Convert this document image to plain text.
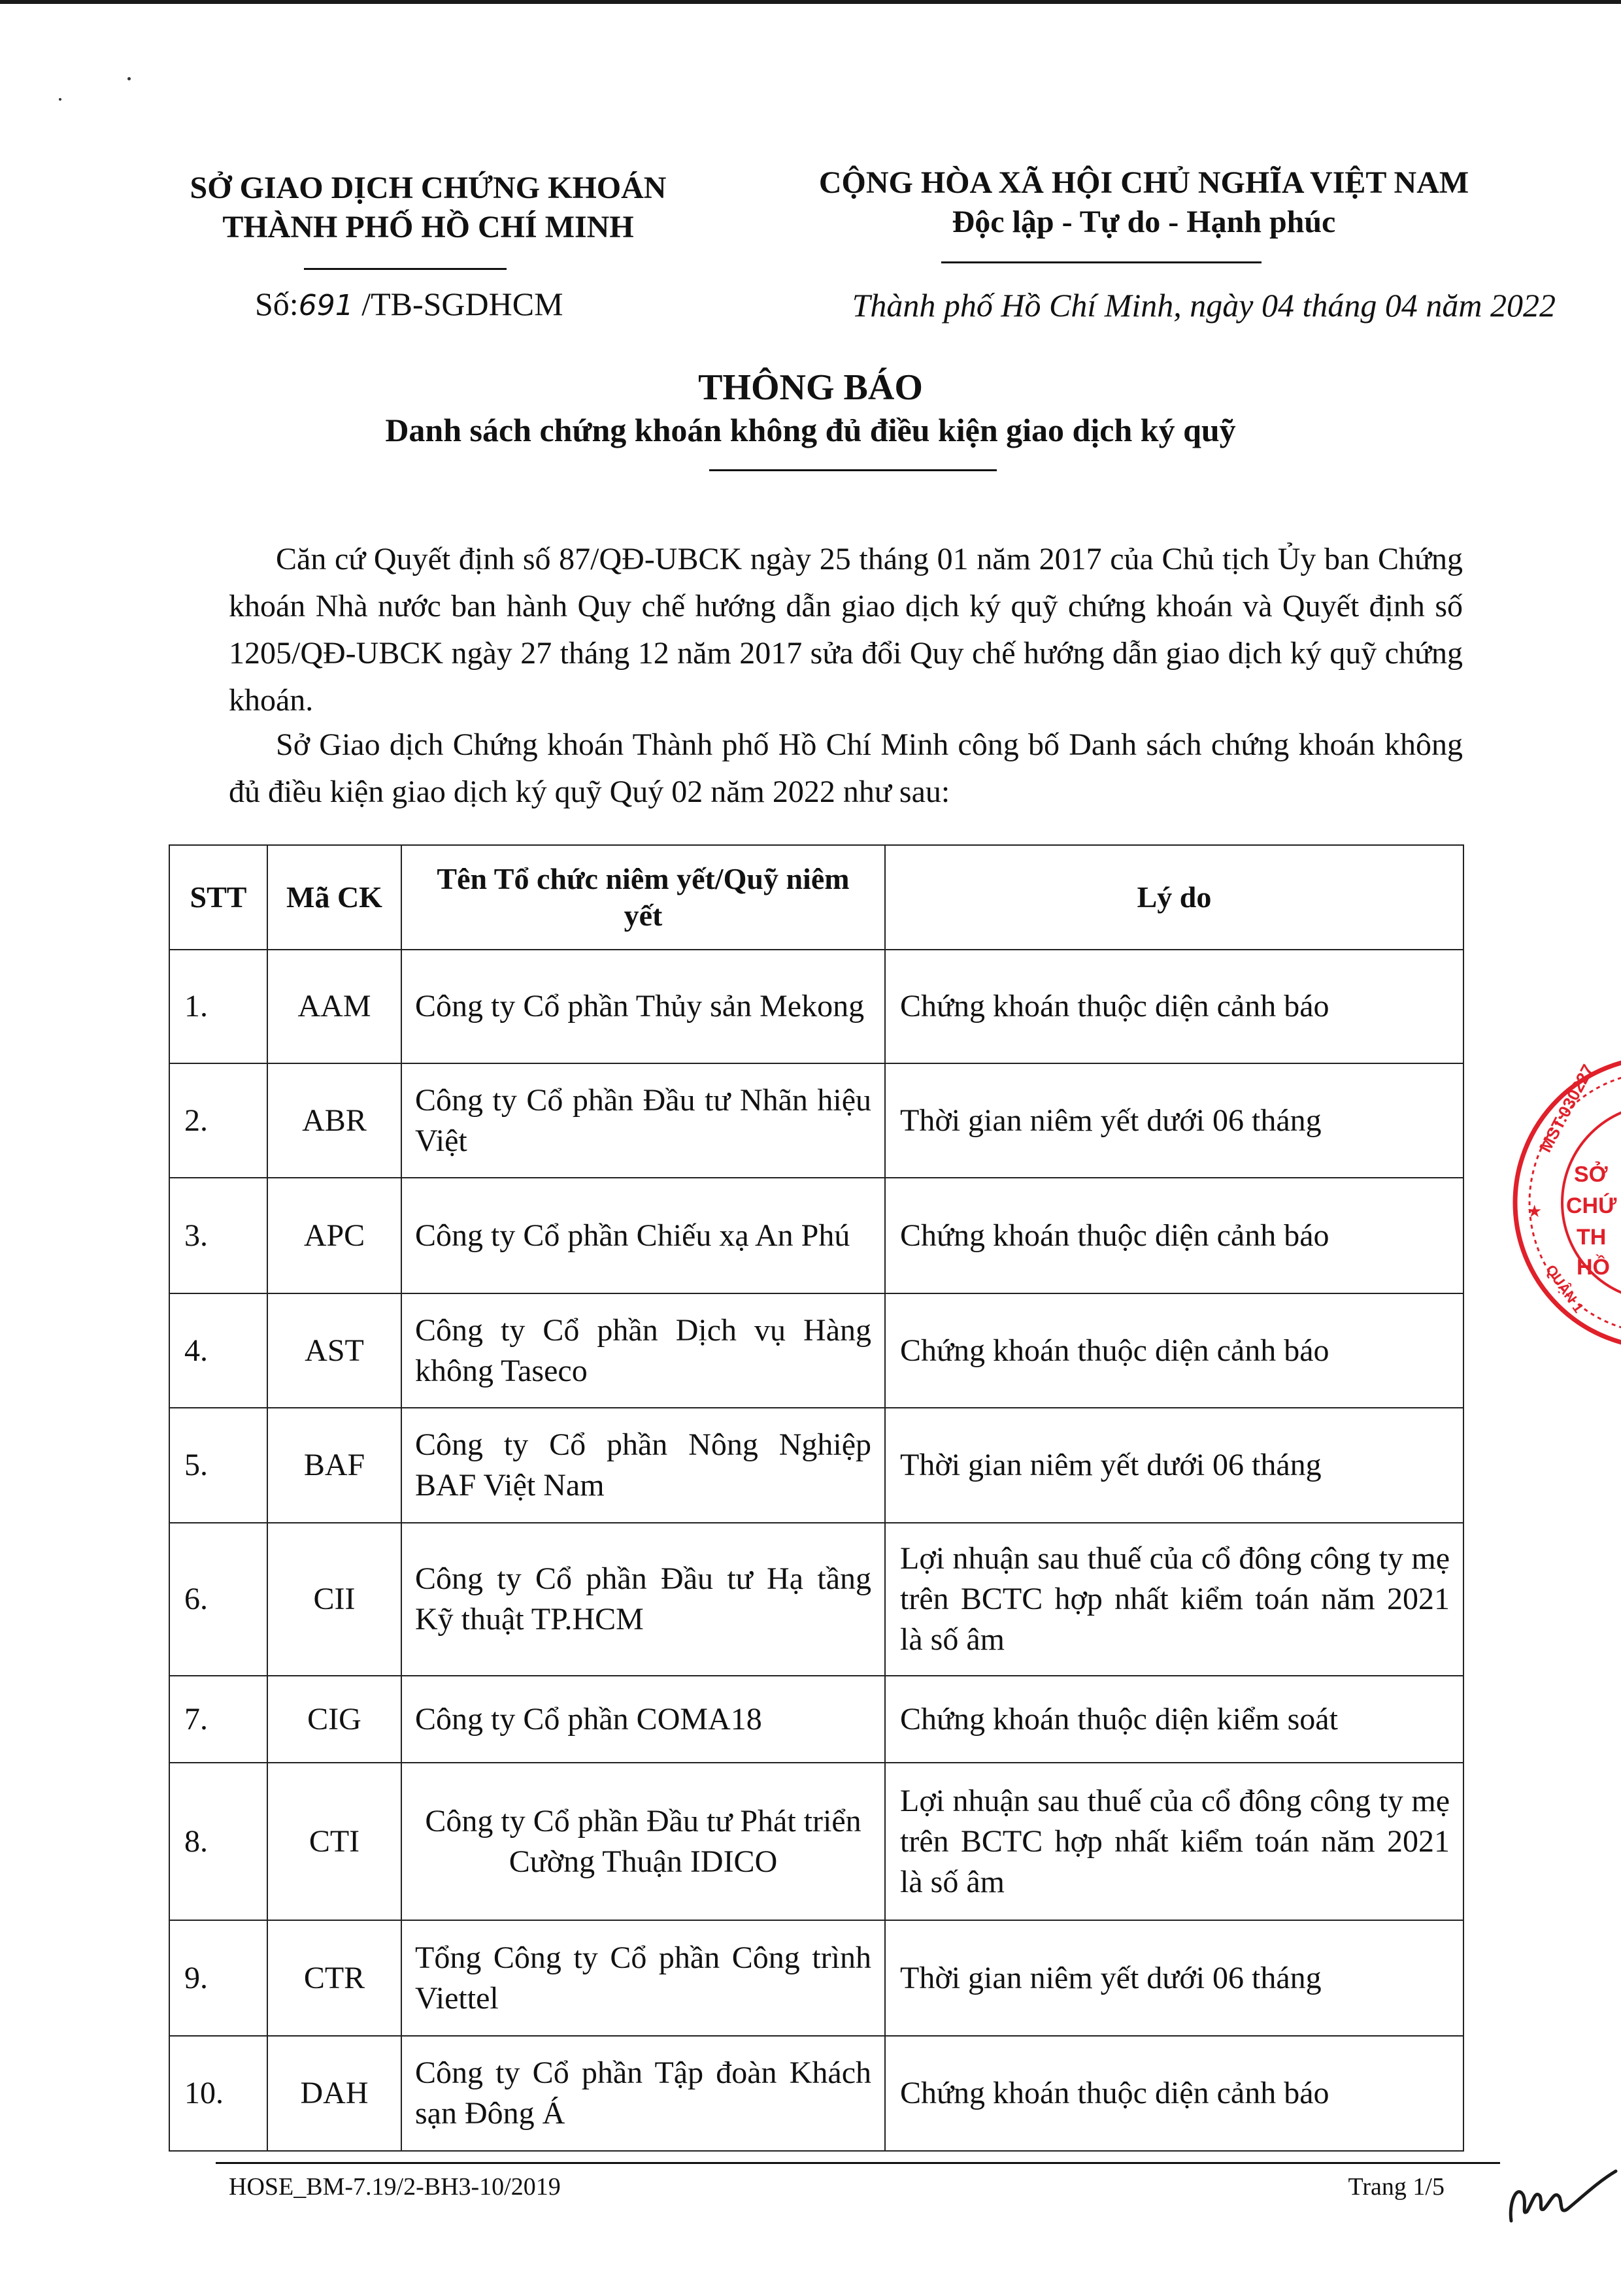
SỞ GIAO DỊCH CHỨNG KHOÁN
THÀNH PHỐ HỒ CHÍ MINH
CỘNG HÒA XÃ HỘI CHỦ NGHĨA VIỆT NAM
Độc lập - Tự do - Hạnh phúc
Số:691 /TB-SGDHCM	Thành phố Hồ Chí Minh, ngày 04 tháng 04 năm 2022
THÔNG BÁO
Danh sách chứng khoán không đủ điều kiện giao dịch ký quỹ

Căn cứ Quyết định số 87/QĐ-UBCK ngày 25 tháng 01 năm 2017 của Chủ tịch Ủy ban Chứng khoán Nhà nước ban hành Quy chế hướng dẫn giao dịch ký quỹ chứng khoán và Quyết định số 1205/QĐ-UBCK ngày 27 tháng 12 năm 2017 sửa đổi Quy chế hướng dẫn giao dịch ký quỹ chứng khoán.

Sở Giao dịch Chứng khoán Thành phố Hồ Chí Minh công bố Danh sách chứng khoán không đủ điều kiện giao dịch ký quỹ Quý 02 năm 2022 như sau:

STT	Mã CK	Tên Tổ chức niêm yết/Quỹ niêm yết	Lý do
1.	AAM	Công ty Cổ phần Thủy sản Mekong	Chứng khoán thuộc diện cảnh báo
2.	ABR	Công ty Cổ phần Đầu tư Nhãn hiệu Việt	Thời gian niêm yết dưới 06 tháng
3.	APC	Công ty Cổ phần Chiếu xạ An Phú	Chứng khoán thuộc diện cảnh báo
4.	AST	Công ty Cổ phần Dịch vụ Hàng không Taseco	Chứng khoán thuộc diện cảnh báo
5.	BAF	Công ty Cổ phần Nông Nghiệp BAF Việt Nam	Thời gian niêm yết dưới 06 tháng
6.	CII	Công ty Cổ phần Đầu tư Hạ tầng Kỹ thuật TP.HCM	Lợi nhuận sau thuế của cổ đông công ty mẹ trên BCTC hợp nhất kiểm toán năm 2021 là số âm
7.	CIG	Công ty Cổ phần COMA18	Chứng khoán thuộc diện kiểm soát
8.	CTI	Công ty Cổ phần Đầu tư Phát triển Cường Thuận IDICO	Lợi nhuận sau thuế của cổ đông công ty mẹ trên BCTC hợp nhất kiểm toán năm 2021 là số âm
9.	CTR	Tổng Công ty Cổ phần Công trình Viettel	Thời gian niêm yết dưới 06 tháng
10.	DAH	Công ty Cổ phần Tập đoàn Khách sạn Đông Á	Chứng khoán thuộc diện cảnh báo
MST:030227
SỞ
CHỨ
TH
HỒ
QUẬN 1
★
HOSE_BM-7.19/2-BH3-10/2019	Trang 1/5
